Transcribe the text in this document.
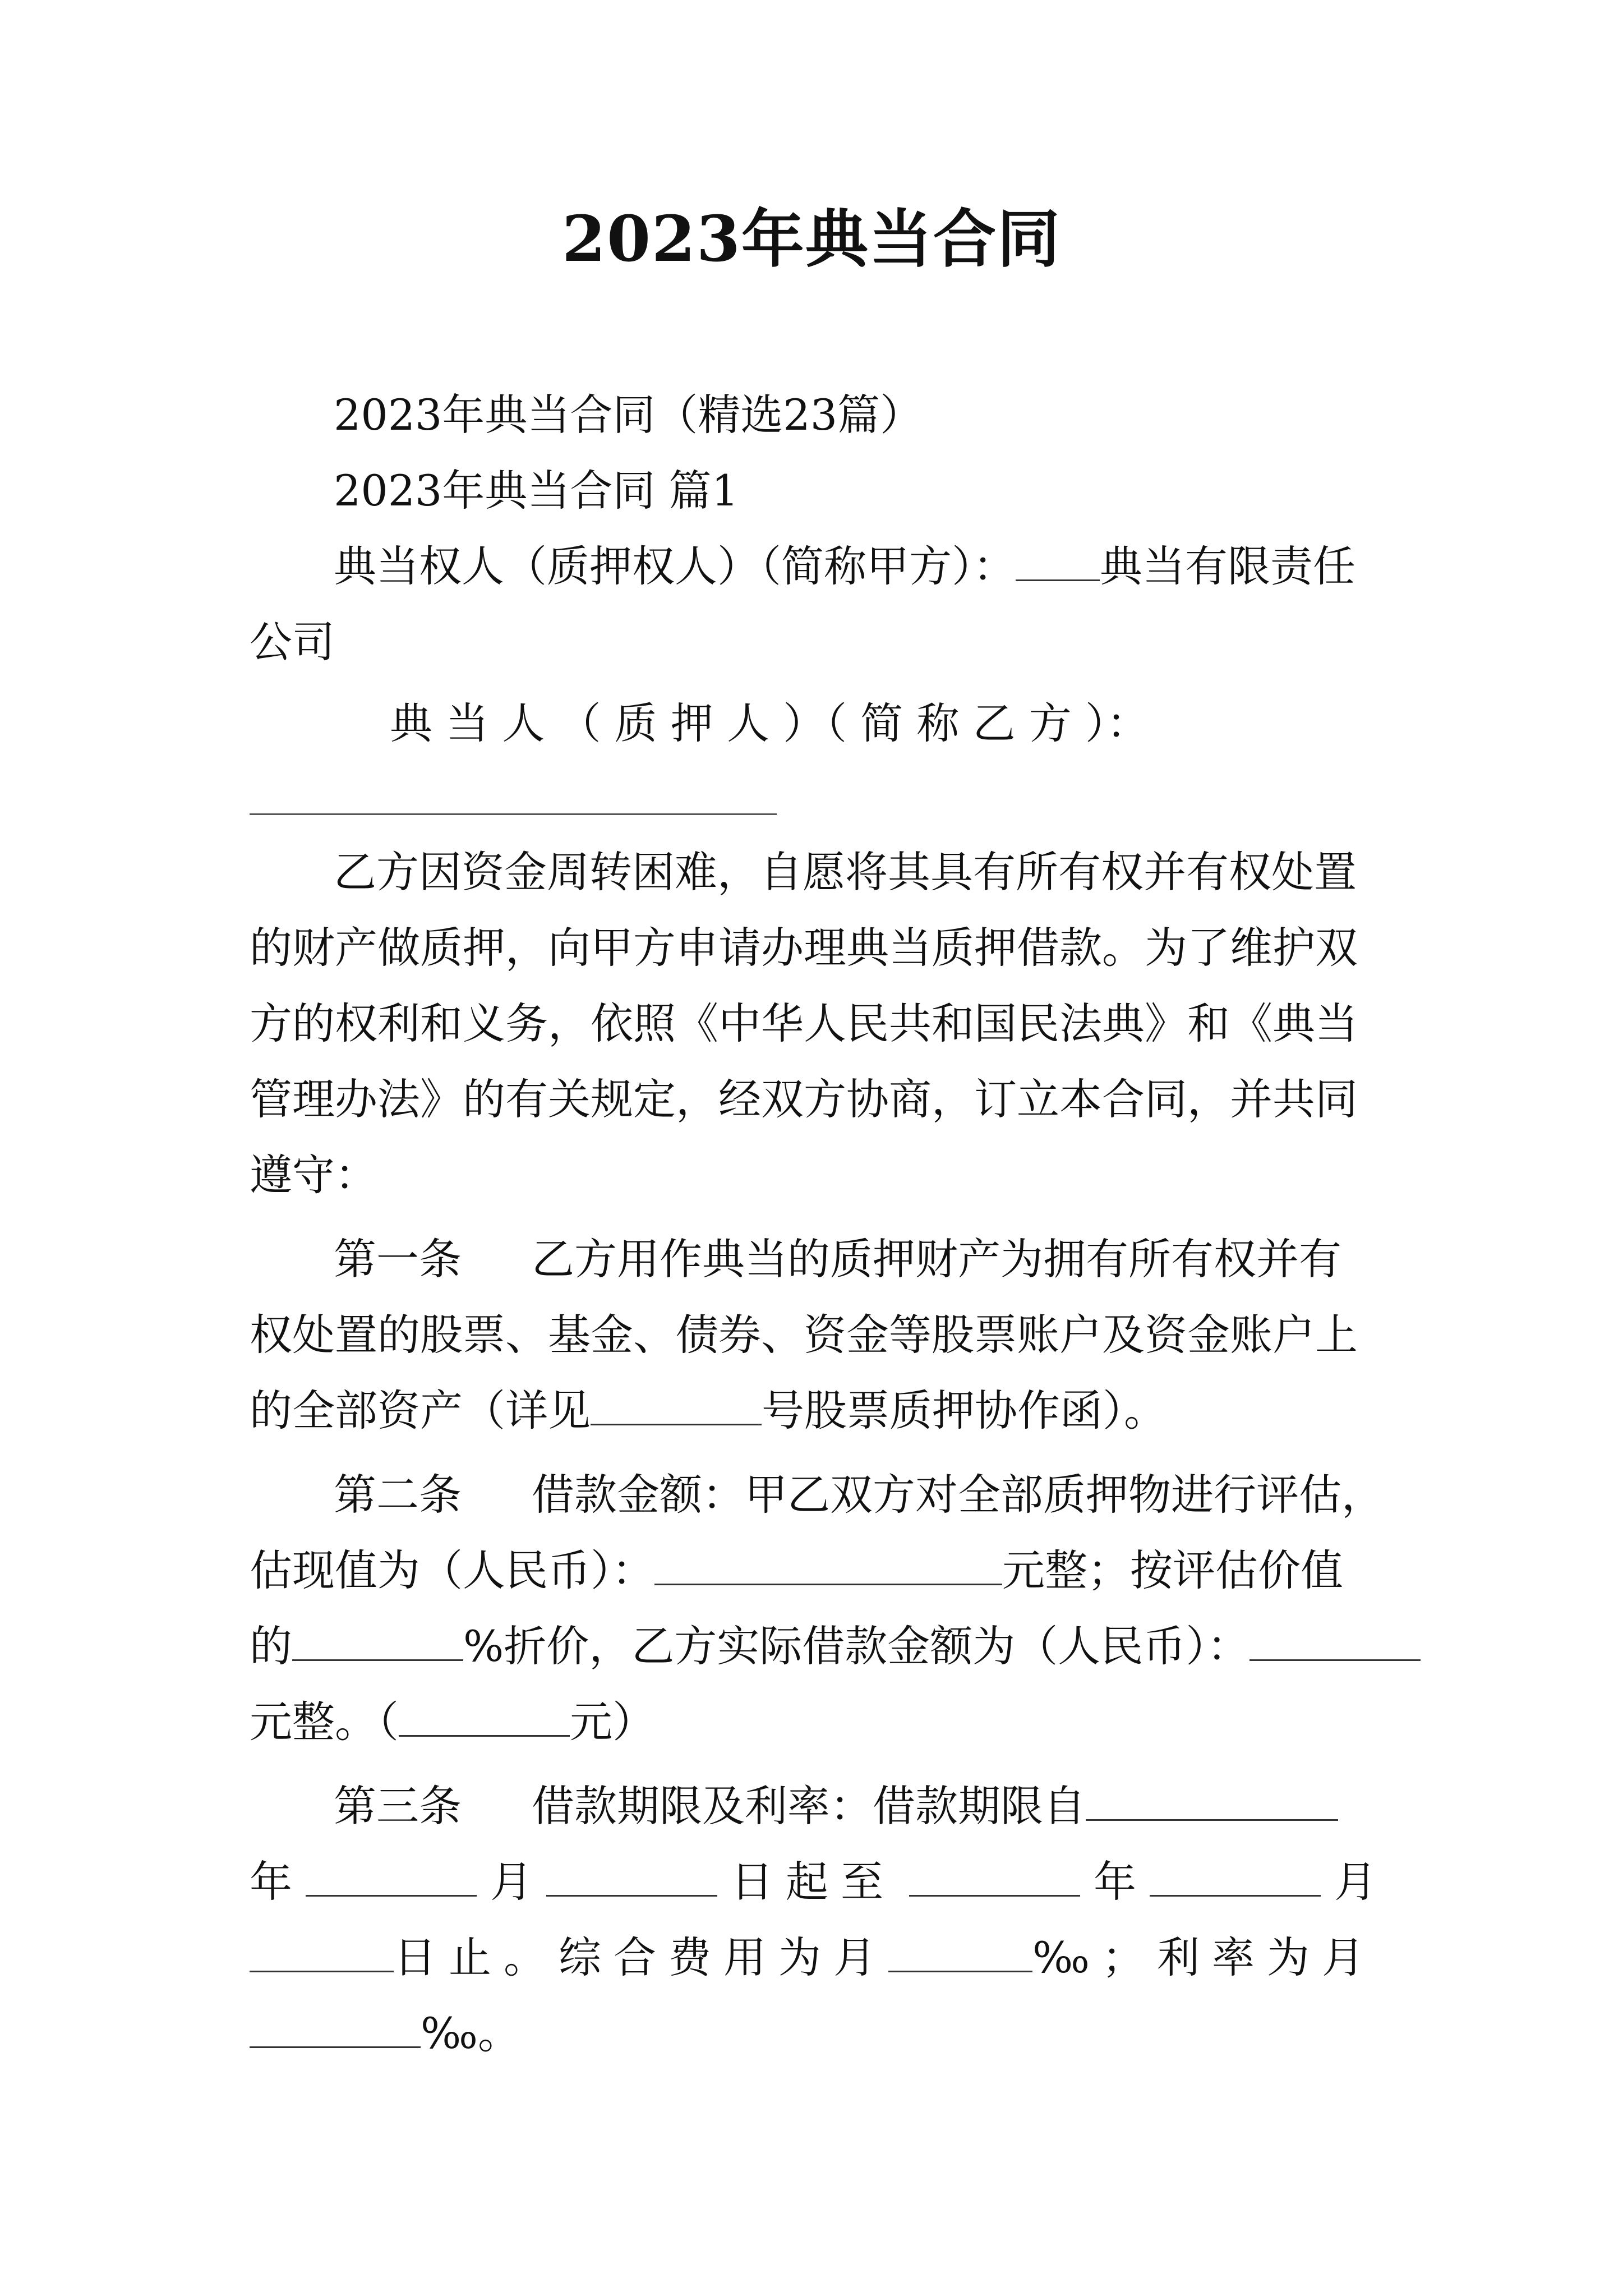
2023年典当合同
2023年典当合同（精选23篇）
2023年典当合同 篇1
典当权人（质押权人）（简称甲方）： 典当有限责任
公司
典 当 人 （ 质 押 人 ）（ 简 称 乙 方 ）：
乙方因资金周转困难，自愿将其具有所有权并有权处置
的财产做质押，向甲方申请办理典当质押借款。为了维护双
方的权利和义务，依照《中华人民共和国民法典》和《典当
管理办法》的有关规定，经双方协商，订立本合同，并共同
遵守：
第一条 乙方用作典当的质押财产为拥有所有权并有
权处置的股票、基金、债券、资金等股票账户及资金账户上
的全部资产（详见	号股票质押协作函）。
第二条 借款金额：甲乙双方对全部质押物进行评估，
估现值为（人民币）：	元整；按评估价值
的	%折价，乙方实际借款金额为（人民币）：
元整。（	元）
第三条 借款期限及利率：借款期限自
年	月	日起至	年	月
日止。综合费用为月	‰；利率为月
‰。
